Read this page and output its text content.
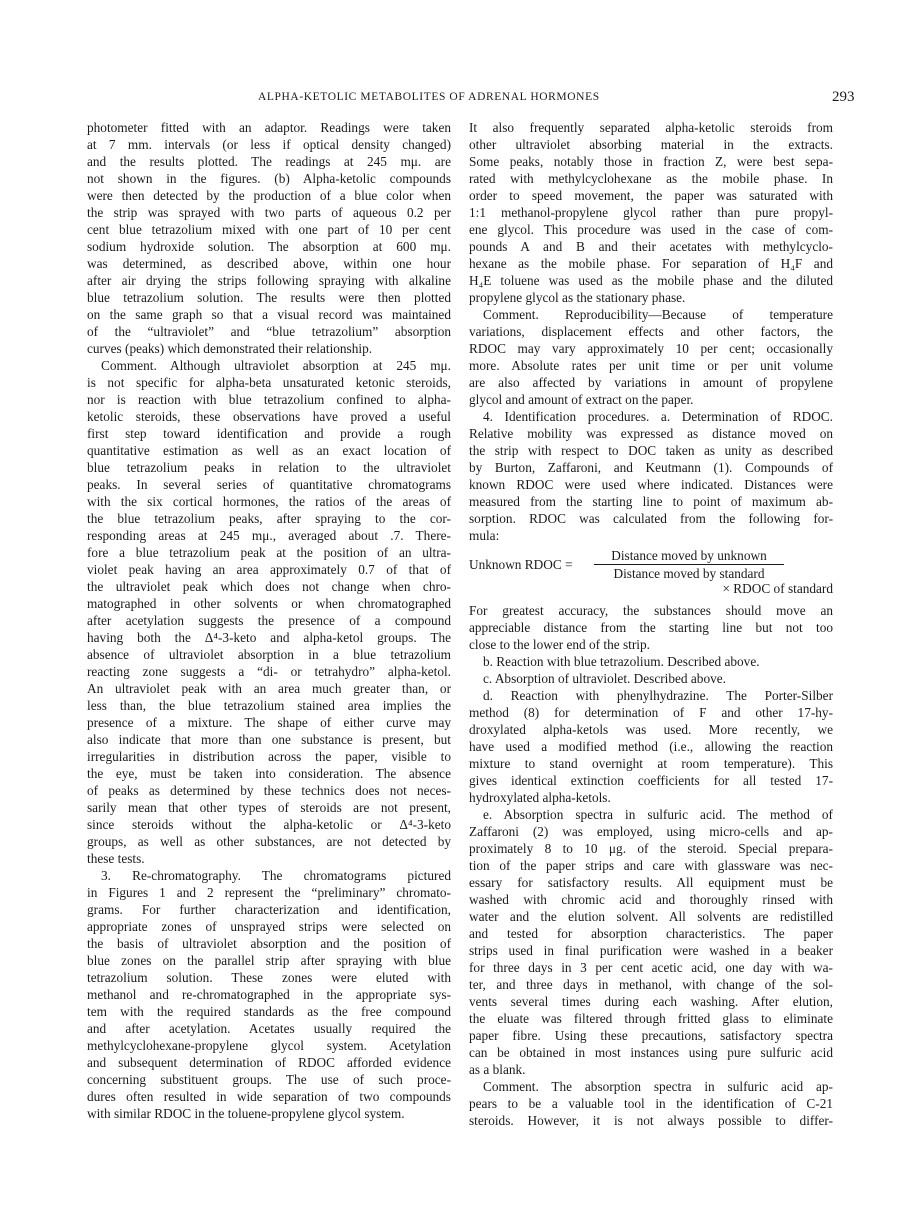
ALPHA-KETOLIC METABOLITES OF ADRENAL HORMONES	293
photometer fitted with an adaptor. Readings were taken
at 7 mm. intervals (or less if optical density changed)
and the results plotted. The readings at 245 mμ. are
not shown in the figures. (b) Alpha-ketolic compounds
were then detected by the production of a blue color when
the strip was sprayed with two parts of aqueous 0.2 per
cent blue tetrazolium mixed with one part of 10 per cent
sodium hydroxide solution. The absorption at 600 mμ.
was determined, as described above, within one hour
after air drying the strips following spraying with alkaline
blue tetrazolium solution. The results were then plotted
on the same graph so that a visual record was maintained
of the “ultraviolet” and “blue tetrazolium” absorption
curves (peaks) which demonstrated their relationship.
Comment. Although ultraviolet absorption at 245 mμ.
is not specific for alpha-beta unsaturated ketonic steroids,
nor is reaction with blue tetrazolium confined to alpha-
ketolic steroids, these observations have proved a useful
first step toward identification and provide a rough
quantitative estimation as well as an exact location of
blue tetrazolium peaks in relation to the ultraviolet
peaks. In several series of quantitative chromatograms
with the six cortical hormones, the ratios of the areas of
the blue tetrazolium peaks, after spraying to the cor-
responding areas at 245 mμ., averaged about .7. There-
fore a blue tetrazolium peak at the position of an ultra-
violet peak having an area approximately 0.7 of that of
the ultraviolet peak which does not change when chro-
matographed in other solvents or when chromatographed
after acetylation suggests the presence of a compound
having both the Δ⁴-3-keto and alpha-ketol groups. The
absence of ultraviolet absorption in a blue tetrazolium
reacting zone suggests a “di- or tetrahydro” alpha-ketol.
An ultraviolet peak with an area much greater than, or
less than, the blue tetrazolium stained area implies the
presence of a mixture. The shape of either curve may
also indicate that more than one substance is present, but
irregularities in distribution across the paper, visible to
the eye, must be taken into consideration. The absence
of peaks as determined by these technics does not neces-
sarily mean that other types of steroids are not present,
since steroids without the alpha-ketolic or Δ⁴-3-keto
groups, as well as other substances, are not detected by
these tests.
3. Re-chromatography. The chromatograms pictured
in Figures 1 and 2 represent the “preliminary” chromato-
grams. For further characterization and identification,
appropriate zones of unsprayed strips were selected on
the basis of ultraviolet absorption and the position of
blue zones on the parallel strip after spraying with blue
tetrazolium solution. These zones were eluted with
methanol and re-chromatographed in the appropriate sys-
tem with the required standards as the free compound
and after acetylation. Acetates usually required the
methylcyclohexane-propylene glycol system. Acetylation
and subsequent determination of RDOC afforded evidence
concerning substituent groups. The use of such proce-
dures often resulted in wide separation of two compounds
with similar RDOC in the toluene-propylene glycol system.
It also frequently separated alpha-ketolic steroids from
other ultraviolet absorbing material in the extracts.
Some peaks, notably those in fraction Z, were best sepa-
rated with methylcyclohexane as the mobile phase. In
order to speed movement, the paper was saturated with
1:1 methanol-propylene glycol rather than pure propyl-
ene glycol. This procedure was used in the case of com-
pounds A and B and their acetates with methylcyclo-
hexane as the mobile phase. For separation of H₄F and
H₄E toluene was used as the mobile phase and the diluted
propylene glycol as the stationary phase.
Comment. Reproducibility—Because of temperature
variations, displacement effects and other factors, the
RDOC may vary approximately 10 per cent; occasionally
more. Absolute rates per unit time or per unit volume
are also affected by variations in amount of propylene
glycol and amount of extract on the paper.
4. Identification procedures. a. Determination of RDOC.
Relative mobility was expressed as distance moved on
the strip with respect to DOC taken as unity as described
by Burton, Zaffaroni, and Keutmann (1). Compounds of
known RDOC were used where indicated. Distances were
measured from the starting line to point of maximum ab-
sorption. RDOC was calculated from the following for-
mula:
Unknown RDOC =
Distance moved by unknown
Distance moved by standard
× RDOC of standard
For greatest accuracy, the substances should move an
appreciable distance from the starting line but not too
close to the lower end of the strip.
b. Reaction with blue tetrazolium. Described above.
c. Absorption of ultraviolet. Described above.
d. Reaction with phenylhydrazine. The Porter-Silber
method (8) for determination of F and other 17-hy-
droxylated alpha-ketols was used. More recently, we
have used a modified method (i.e., allowing the reaction
mixture to stand overnight at room temperature). This
gives identical extinction coefficients for all tested 17-
hydroxylated alpha-ketols.
e. Absorption spectra in sulfuric acid. The method of
Zaffaroni (2) was employed, using micro-cells and ap-
proximately 8 to 10 μg. of the steroid. Special prepara-
tion of the paper strips and care with glassware was nec-
essary for satisfactory results. All equipment must be
washed with chromic acid and thoroughly rinsed with
water and the elution solvent. All solvents are redistilled
and tested for absorption characteristics. The paper
strips used in final purification were washed in a beaker
for three days in 3 per cent acetic acid, one day with wa-
ter, and three days in methanol, with change of the sol-
vents several times during each washing. After elution,
the eluate was filtered through fritted glass to eliminate
paper fibre. Using these precautions, satisfactory spectra
can be obtained in most instances using pure sulfuric acid
as a blank.
Comment. The absorption spectra in sulfuric acid ap-
pears to be a valuable tool in the identification of C-21
steroids. However, it is not always possible to differ-
